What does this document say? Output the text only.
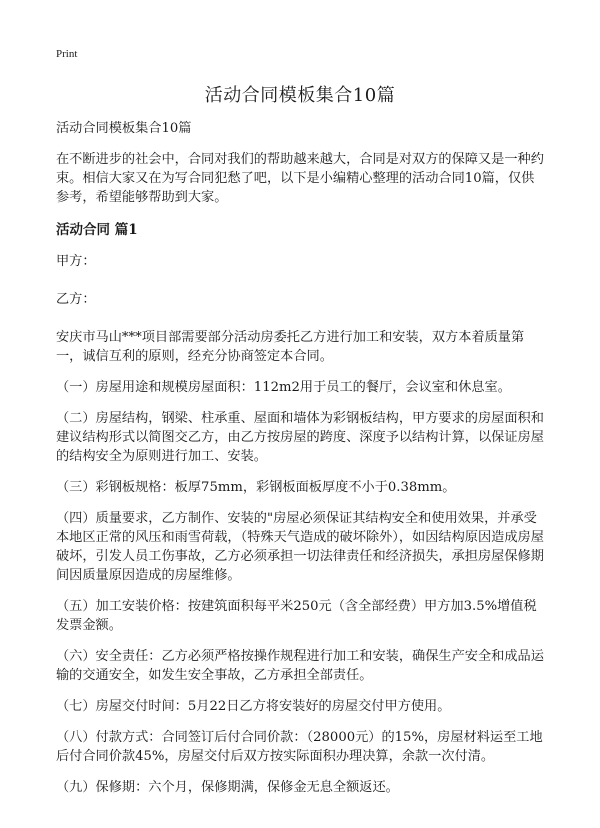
Print
活动合同模板集合10篇

活动合同模板集合10篇

在不断进步的社会中，合同对我们的帮助越来越大，合同是对双方的保障又是一种约束。相信大家又在为写合同犯愁了吧，以下是小编精心整理的活动合同10篇，仅供参考，希望能够帮助到大家。

活动合同 篇1

甲方：

乙方：

安庆市马山***项目部需要部分活动房委托乙方进行加工和安装，双方本着质量第一，诚信互利的原则，经充分协商签定本合同。

（一）房屋用途和规模房屋面积：112m2用于员工的餐厅，会议室和休息室。

（二）房屋结构，钢梁、柱承重、屋面和墙体为彩钢板结构，甲方要求的房屋面积和建议结构形式以简图交乙方，由乙方按房屋的跨度、深度予以结构计算，以保证房屋的结构安全为原则进行加工、安装。

（三）彩钢板规格：板厚75mm，彩钢板面板厚度不小于0.38mm。

（四）质量要求，乙方制作、安装的"房屋必须保证其结构安全和使用效果，并承受本地区正常的风压和雨雪荷载，（特殊天气造成的破坏除外），如因结构原因造成房屋破坏，引发人员工伤事故，乙方必须承担一切法律责任和经济损失，承担房屋保修期间因质量原因造成的房屋维修。

（五）加工安装价格：按建筑面积每平米250元（含全部经费）甲方加3.5%增值税发票金额。

（六）安全责任：乙方必须严格按操作规程进行加工和安装，确保生产安全和成品运输的交通安全，如发生安全事故，乙方承担全部责任。

（七）房屋交付时间：5月22日乙方将安装好的房屋交付甲方使用。

（八）付款方式：合同签订后付合同价款：（28000元）的15%，房屋材料运至工地后付合同价款45%，房屋交付后双方按实际面积办理决算，余款一次付清。

（九）保修期：六个月，保修期满，保修金无息全额返还。
